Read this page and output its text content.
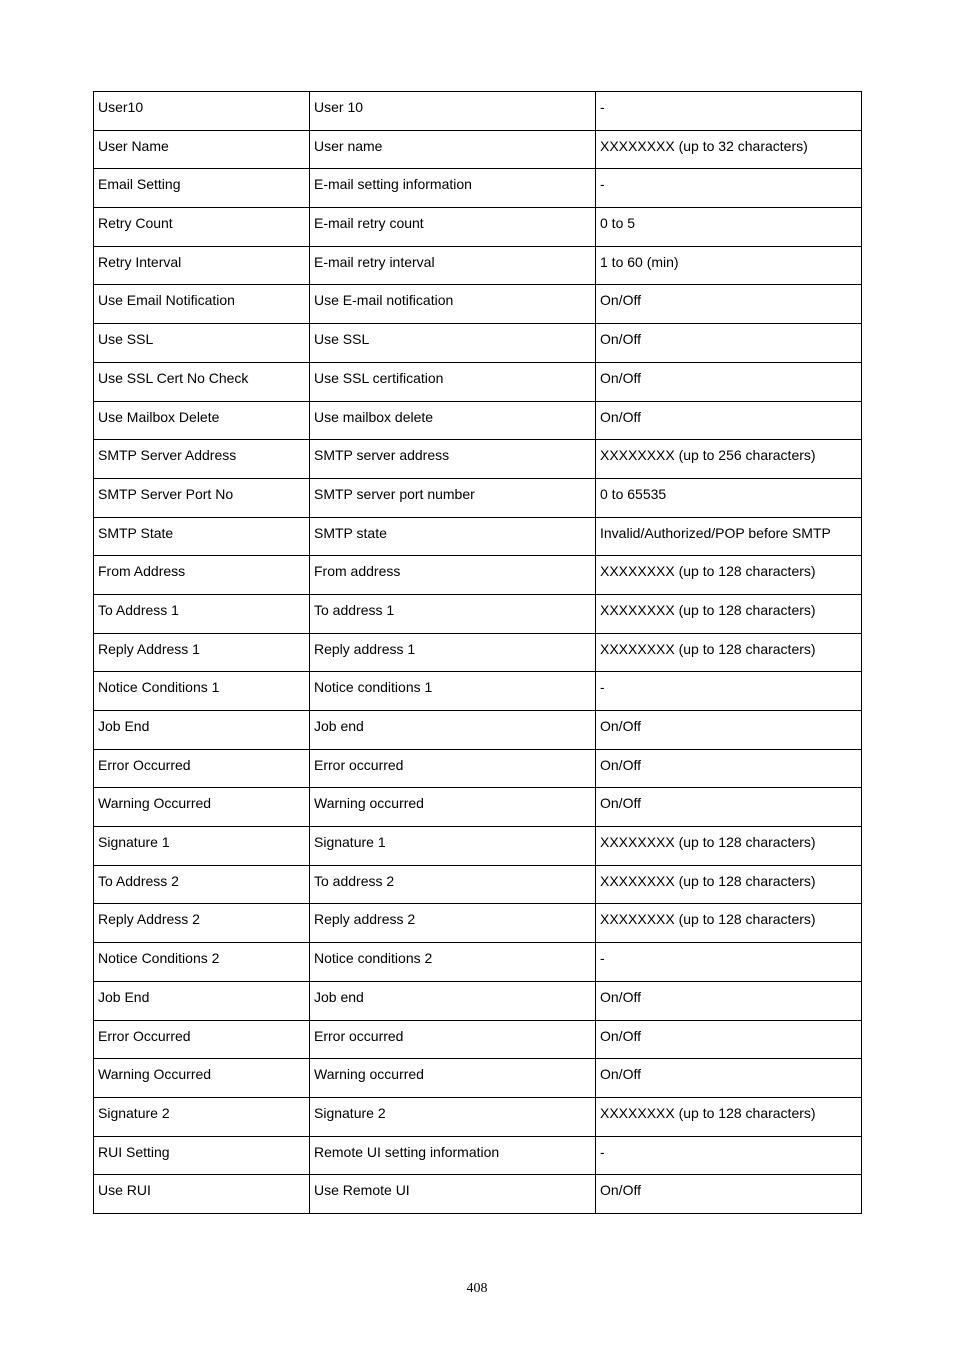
User10	User 10	-

User Name	User name	XXXXXXXX (up to 32 characters)

Email Setting	E-mail setting information	-

Retry Count	E-mail retry count	0 to 5

Retry Interval	E-mail retry interval	1 to 60 (min)

Use Email Notification	Use E-mail notification	On/Off

Use SSL	Use SSL	On/Off

Use SSL Cert No Check	Use SSL certification	On/Off

Use Mailbox Delete	Use mailbox delete	On/Off

SMTP Server Address	SMTP server address	XXXXXXXX (up to 256 characters)

SMTP Server Port No	SMTP server port number	0 to 65535

SMTP State	SMTP state	Invalid/Authorized/POP before SMTP

From Address	From address	XXXXXXXX (up to 128 characters)

To Address 1	To address 1	XXXXXXXX (up to 128 characters)

Reply Address 1	Reply address 1	XXXXXXXX (up to 128 characters)

Notice Conditions 1	Notice conditions 1	-

Job End	Job end	On/Off

Error Occurred	Error occurred	On/Off

Warning Occurred	Warning occurred	On/Off

Signature 1	Signature 1	XXXXXXXX (up to 128 characters)

To Address 2	To address 2	XXXXXXXX (up to 128 characters)

Reply Address 2	Reply address 2	XXXXXXXX (up to 128 characters)

Notice Conditions 2	Notice conditions 2	-

Job End	Job end	On/Off

Error Occurred	Error occurred	On/Off

Warning Occurred	Warning occurred	On/Off

Signature 2	Signature 2	XXXXXXXX (up to 128 characters)

RUI Setting	Remote UI setting information	-

Use RUI	Use Remote UI	On/Off
408
